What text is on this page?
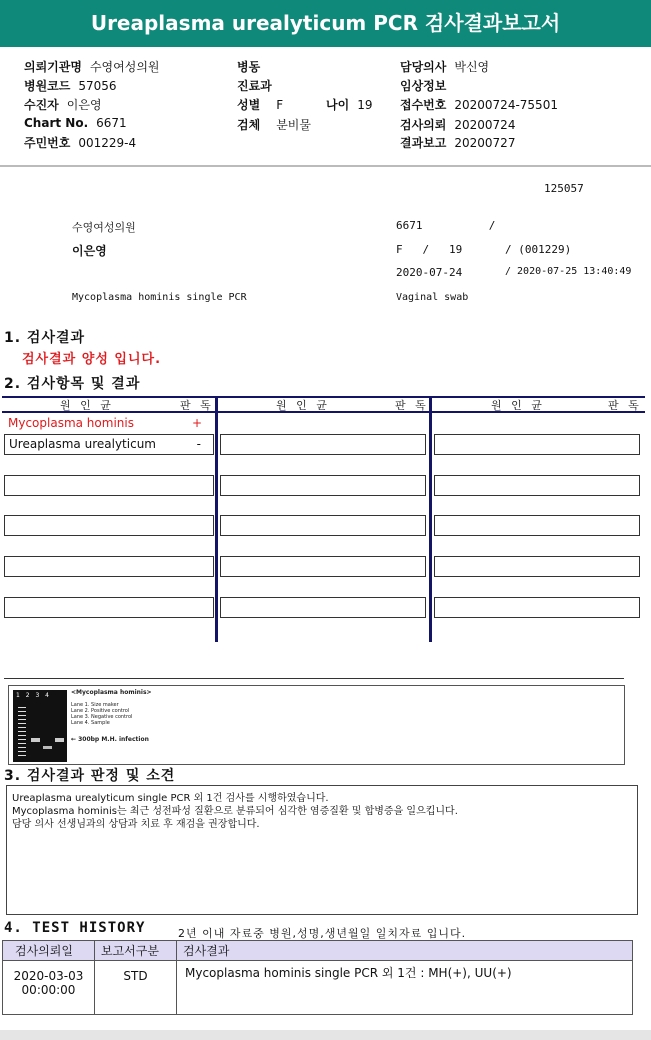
Ureaplasma urealyticum PCR 검사결과보고서
의뢰기관명 수영여성의원
병원코드 57056
수진자 이은영
Chart No. 6671
주민번호 001229-4
병동
진료과
성별 F	나이 19
검체 분비물
담당의사 박신영
임상정보
접수번호 20200724-75501
검사의뢰 20200724
결과보고 20200727
125057
수영여성의원	6671          /
이은영	F   /   19	/ (001229)
2020-07-24	/ 2020-07-25 13:40:49
Mycoplasma hominis single PCR	Vaginal swab
1. 검사결과
검사결과 양성 입니다.
2. 검사항목 및 결과
원 인 균	판 독	원 인 균	판 독	원 인 균	판 독
Mycoplasma hominis	+
Ureaplasma urealyticum	-
1 2 3 4	<Mycoplasma hominis>
Lane 1. Size maker
Lane 2. Positive control
Lane 3. Negative control
Lane 4. Sample
← 300bp M.H. infection
3. 검사결과 판정 및 소견
Ureaplasma urealyticum single PCR 외 1건 검사를 시행하였습니다.
Mycoplasma hominis는 최근 성전파성 질환으로 분류되어 심각한 염증질환 및 합병증을 일으킵니다.
담당 의사 선생님과의 상담과 치료 후 재검을 권장합니다.
4. TEST HISTORY	2년 이내 자료중 병원,성명,생년월일 일치자료 입니다.
검사의뢰일	보고서구분	검사결과

2020-03-03
00:00:00	STD	Mycoplasma hominis single PCR 외 1건 : MH(+), UU(+)
